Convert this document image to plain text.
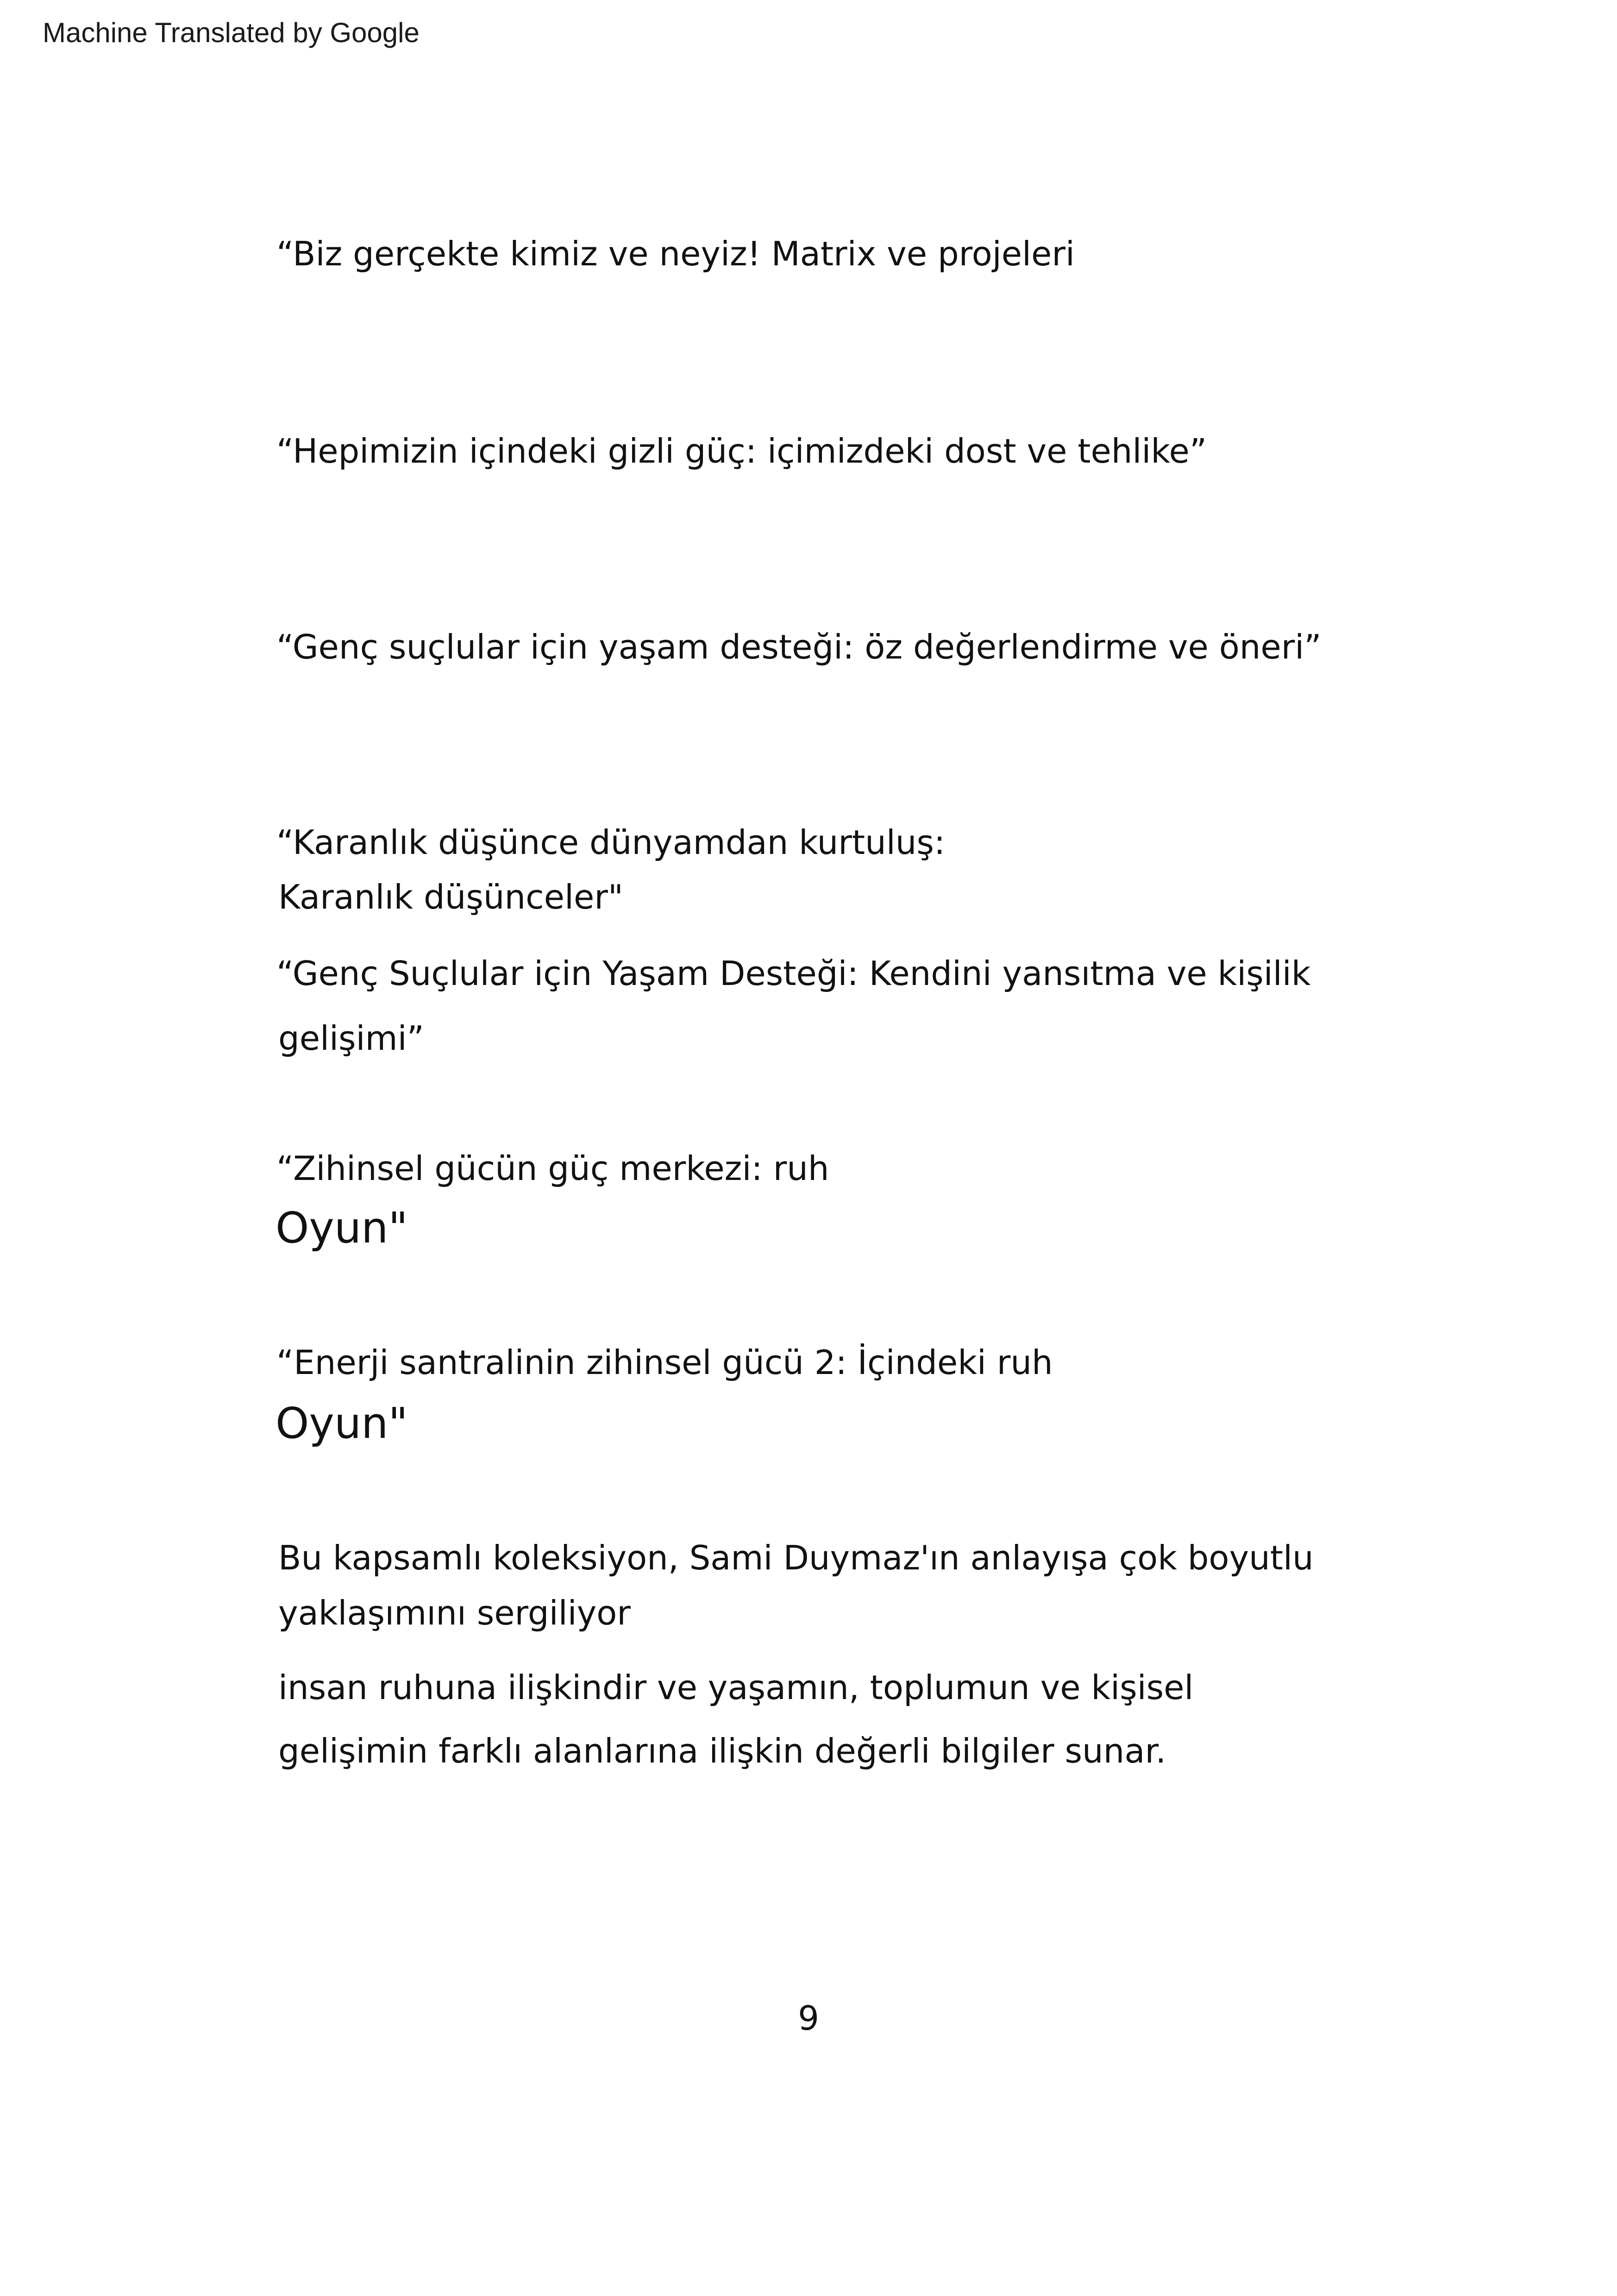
Machine Translated by Google
“Biz gerçekte kimiz ve neyiz! Matrix ve projeleri
“Hepimizin içindeki gizli güç: içimizdeki dost ve tehlike”
“Genç suçlular için yaşam desteği: öz değerlendirme ve öneri”
“Karanlık düşünce dünyamdan kurtuluş:
Karanlık düşünceler"
“Genç Suçlular için Yaşam Desteği: Kendini yansıtma ve kişilik
gelişimi”
“Zihinsel gücün güç merkezi: ruh
Oyun"
“Enerji santralinin zihinsel gücü 2: İçindeki ruh
Oyun"
Bu kapsamlı koleksiyon, Sami Duymaz'ın anlayışa çok boyutlu
yaklaşımını sergiliyor
insan ruhuna ilişkindir ve yaşamın, toplumun ve kişisel
gelişimin farklı alanlarına ilişkin değerli bilgiler sunar.
9
